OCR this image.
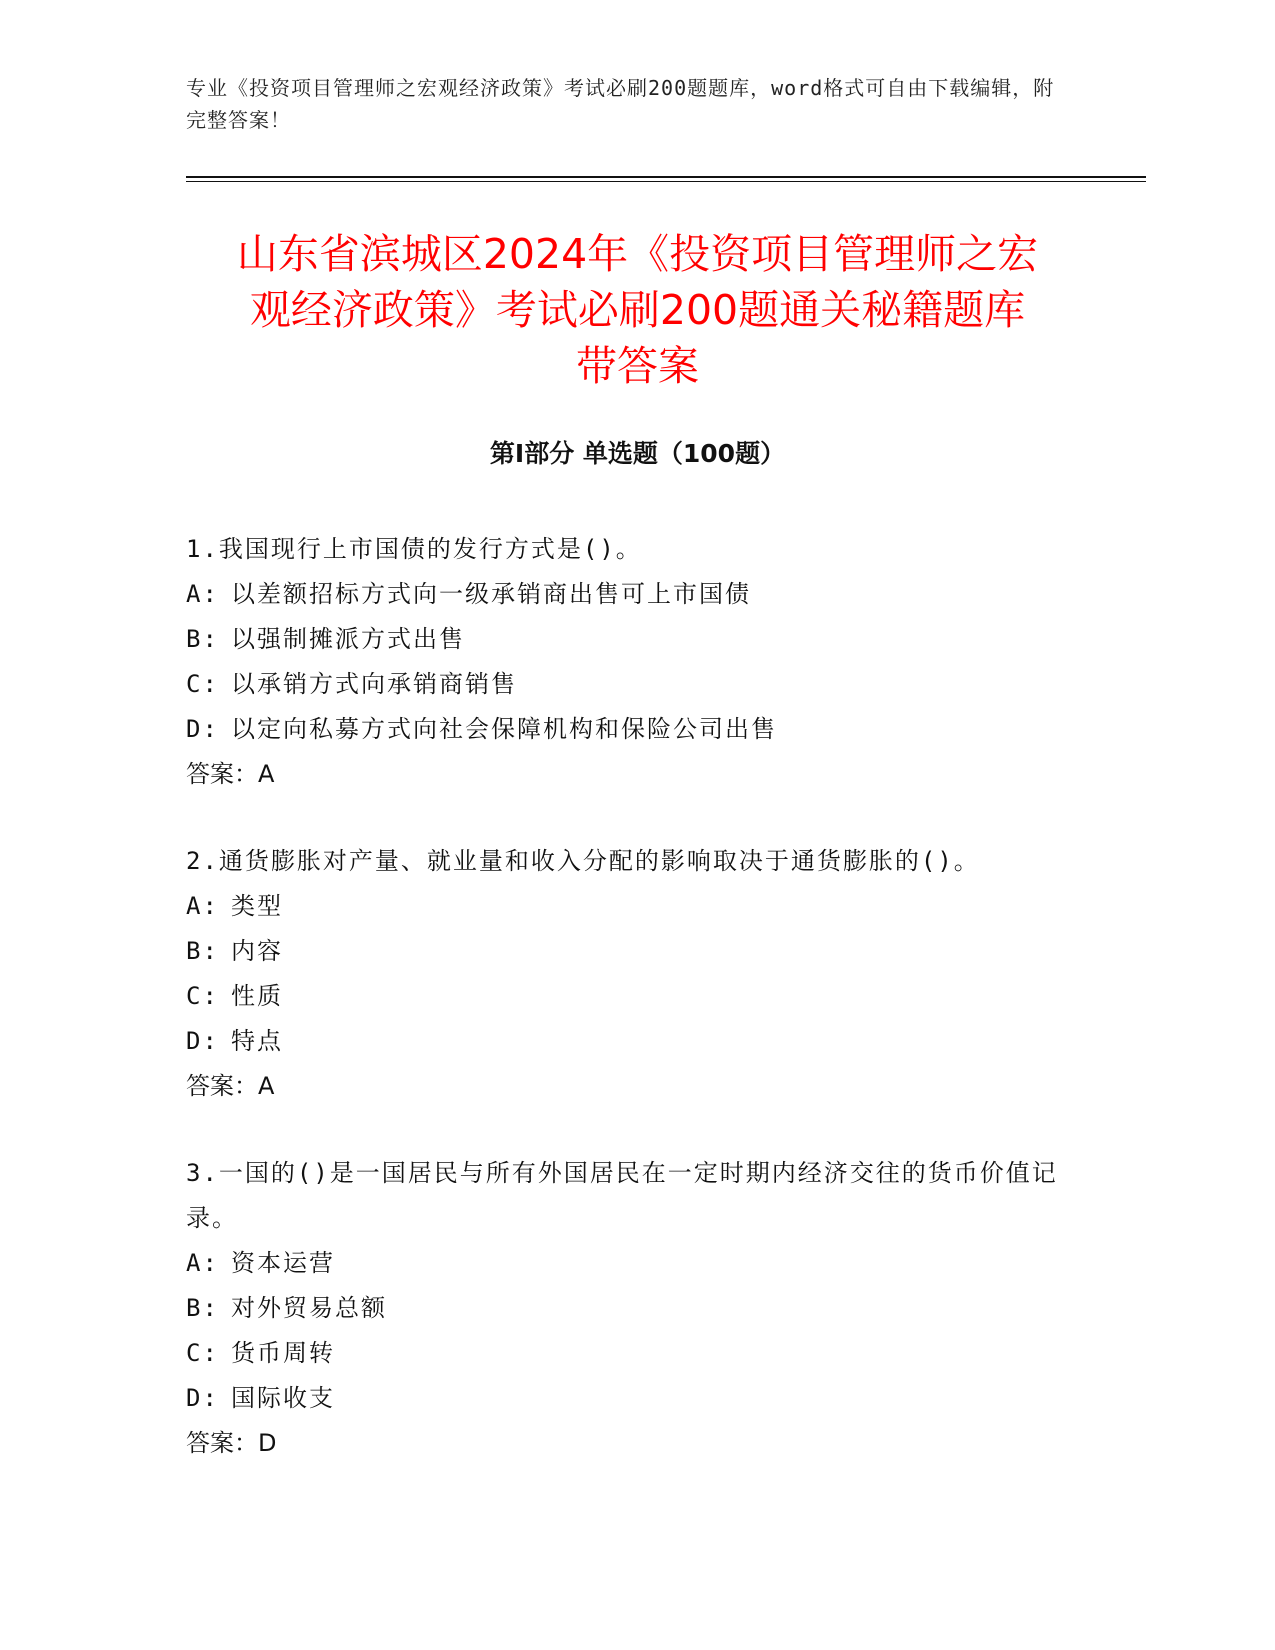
专业《投资项目管理师之宏观经济政策》考试必刷200题题库，word格式可自由下载编辑，附完整答案！
山东省滨城区2024年《投资项目管理师之宏
观经济政策》考试必刷200题通关秘籍题库
带答案
第I部分 单选题（100题）
1.我国现行上市国债的发行方式是()。
A: 以差额招标方式向一级承销商出售可上市国债
B: 以强制摊派方式出售
C: 以承销方式向承销商销售
D: 以定向私募方式向社会保障机构和保险公司出售
答案：A
2.通货膨胀对产量、就业量和收入分配的影响取决于通货膨胀的()。
A: 类型
B: 内容
C: 性质
D: 特点
答案：A
3.一国的()是一国居民与所有外国居民在一定时期内经济交往的货币价值记录。
A: 资本运营
B: 对外贸易总额
C: 货币周转
D: 国际收支
答案：D
